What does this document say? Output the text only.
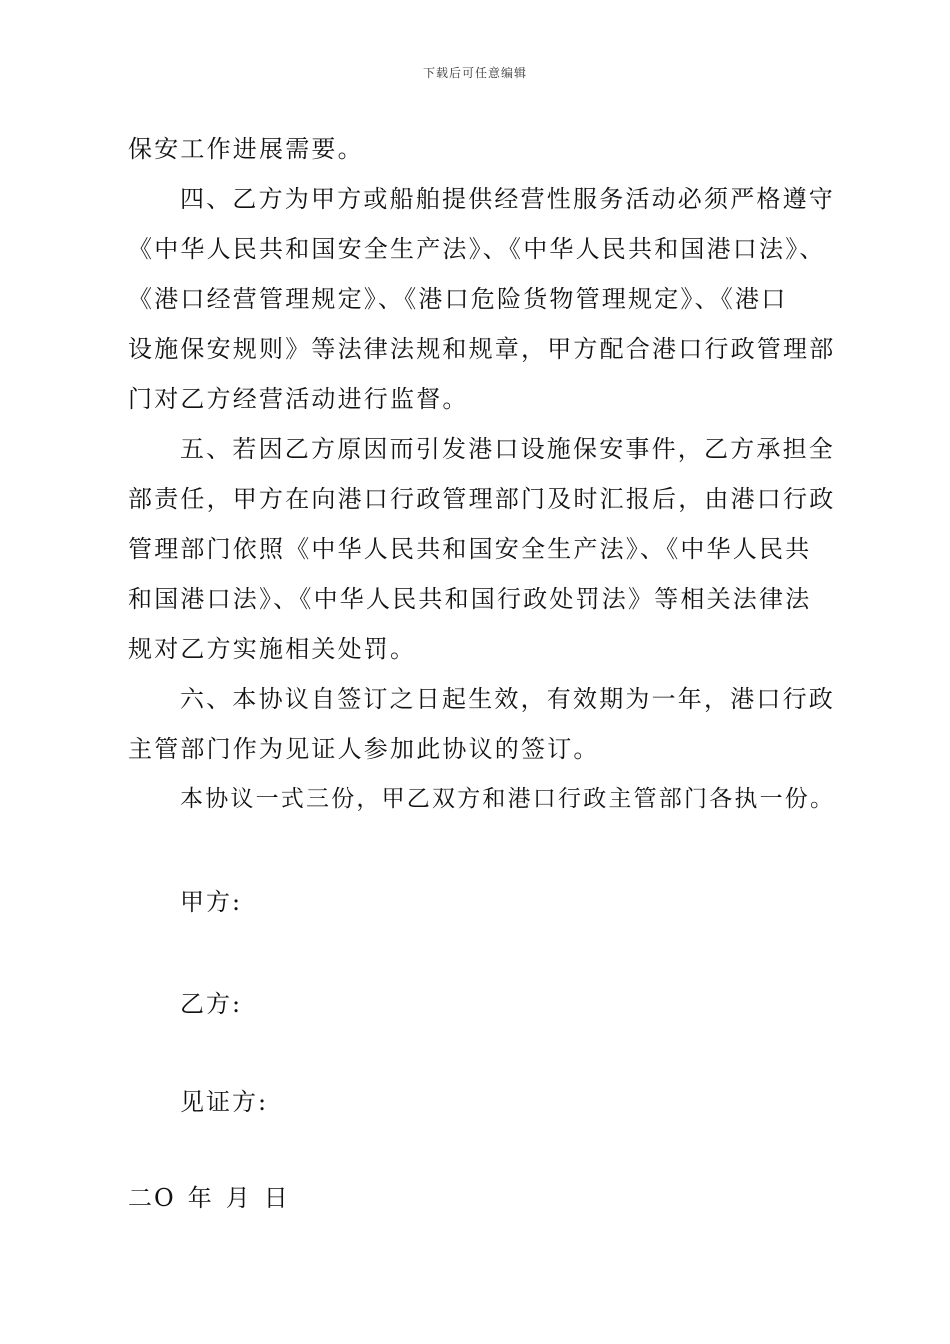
下载后可任意编辑
保安工作进展需要。
四、乙方为甲方或船舶提供经营性服务活动必须严格遵守
《中华人民共和国安全生产法》、《中华人民共和国港口法》、
《港口经营管理规定》、《港口危险货物管理规定》、《港口
设施保安规则》等法律法规和规章，甲方配合港口行政管理部
门对乙方经营活动进行监督。
五、若因乙方原因而引发港口设施保安事件，乙方承担全
部责任，甲方在向港口行政管理部门及时汇报后，由港口行政
管理部门依照《中华人民共和国安全生产法》、《中华人民共
和国港口法》、《中华人民共和国行政处罚法》等相关法律法
规对乙方实施相关处罚。
六、本协议自签订之日起生效，有效期为一年，港口行政
主管部门作为见证人参加此协议的签订。
本协议一式三份，甲乙双方和港口行政主管部门各执一份。
甲方:
乙方:
见证方:
二O 年 月 日
